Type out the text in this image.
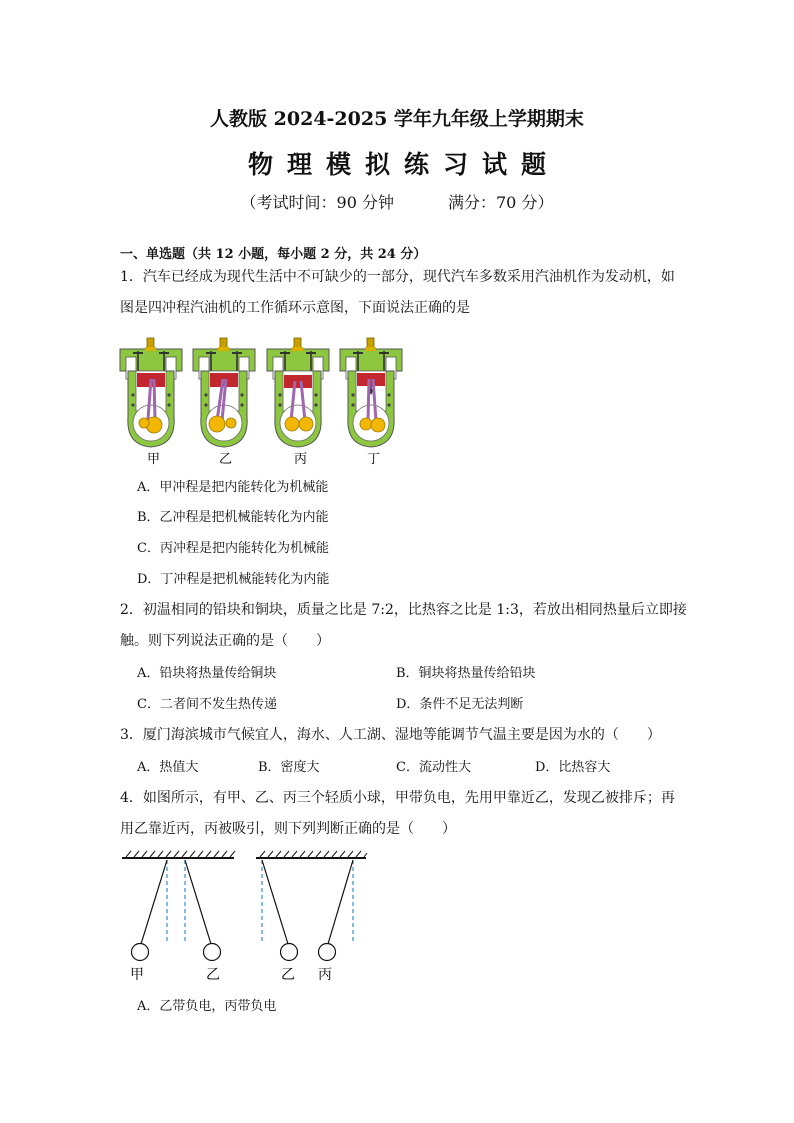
人教版 2024-2025 学年九年级上学期期末
物理模拟练习试题
（考试时间：90 分钟	满分：70 分）
一、单选题（共 12 小题，每小题 2 分，共 24 分）
1．汽车已经成为现代生活中不可缺少的一部分，现代汽车多数采用汽油机作为发动机，如
图是四冲程汽油机的工作循环示意图，下面说法正确的是
甲	乙	丙	丁
A．甲冲程是把内能转化为机械能
B．乙冲程是把机械能转化为内能
C．丙冲程是把内能转化为机械能
D．丁冲程是把机械能转化为内能
2．初温相同的铅块和铜块，质量之比是 7:2，比热容之比是 1:3，若放出相同热量后立即接
触。则下列说法正确的是（　　）
A．铅块将热量传给铜块	B．铜块将热量传给铅块
C．二者间不发生热传递	D．条件不足无法判断
3．厦门海滨城市气候宜人，海水、人工湖、湿地等能调节气温主要是因为水的（　　）
A．热值大	B．密度大	C．流动性大	D．比热容大
4．如图所示，有甲、乙、丙三个轻质小球，甲带负电，先用甲靠近乙，发现乙被排斥；再
用乙靠近丙，丙被吸引，则下列判断正确的是（　　）
甲	乙	乙 丙
A．乙带负电，丙带负电
